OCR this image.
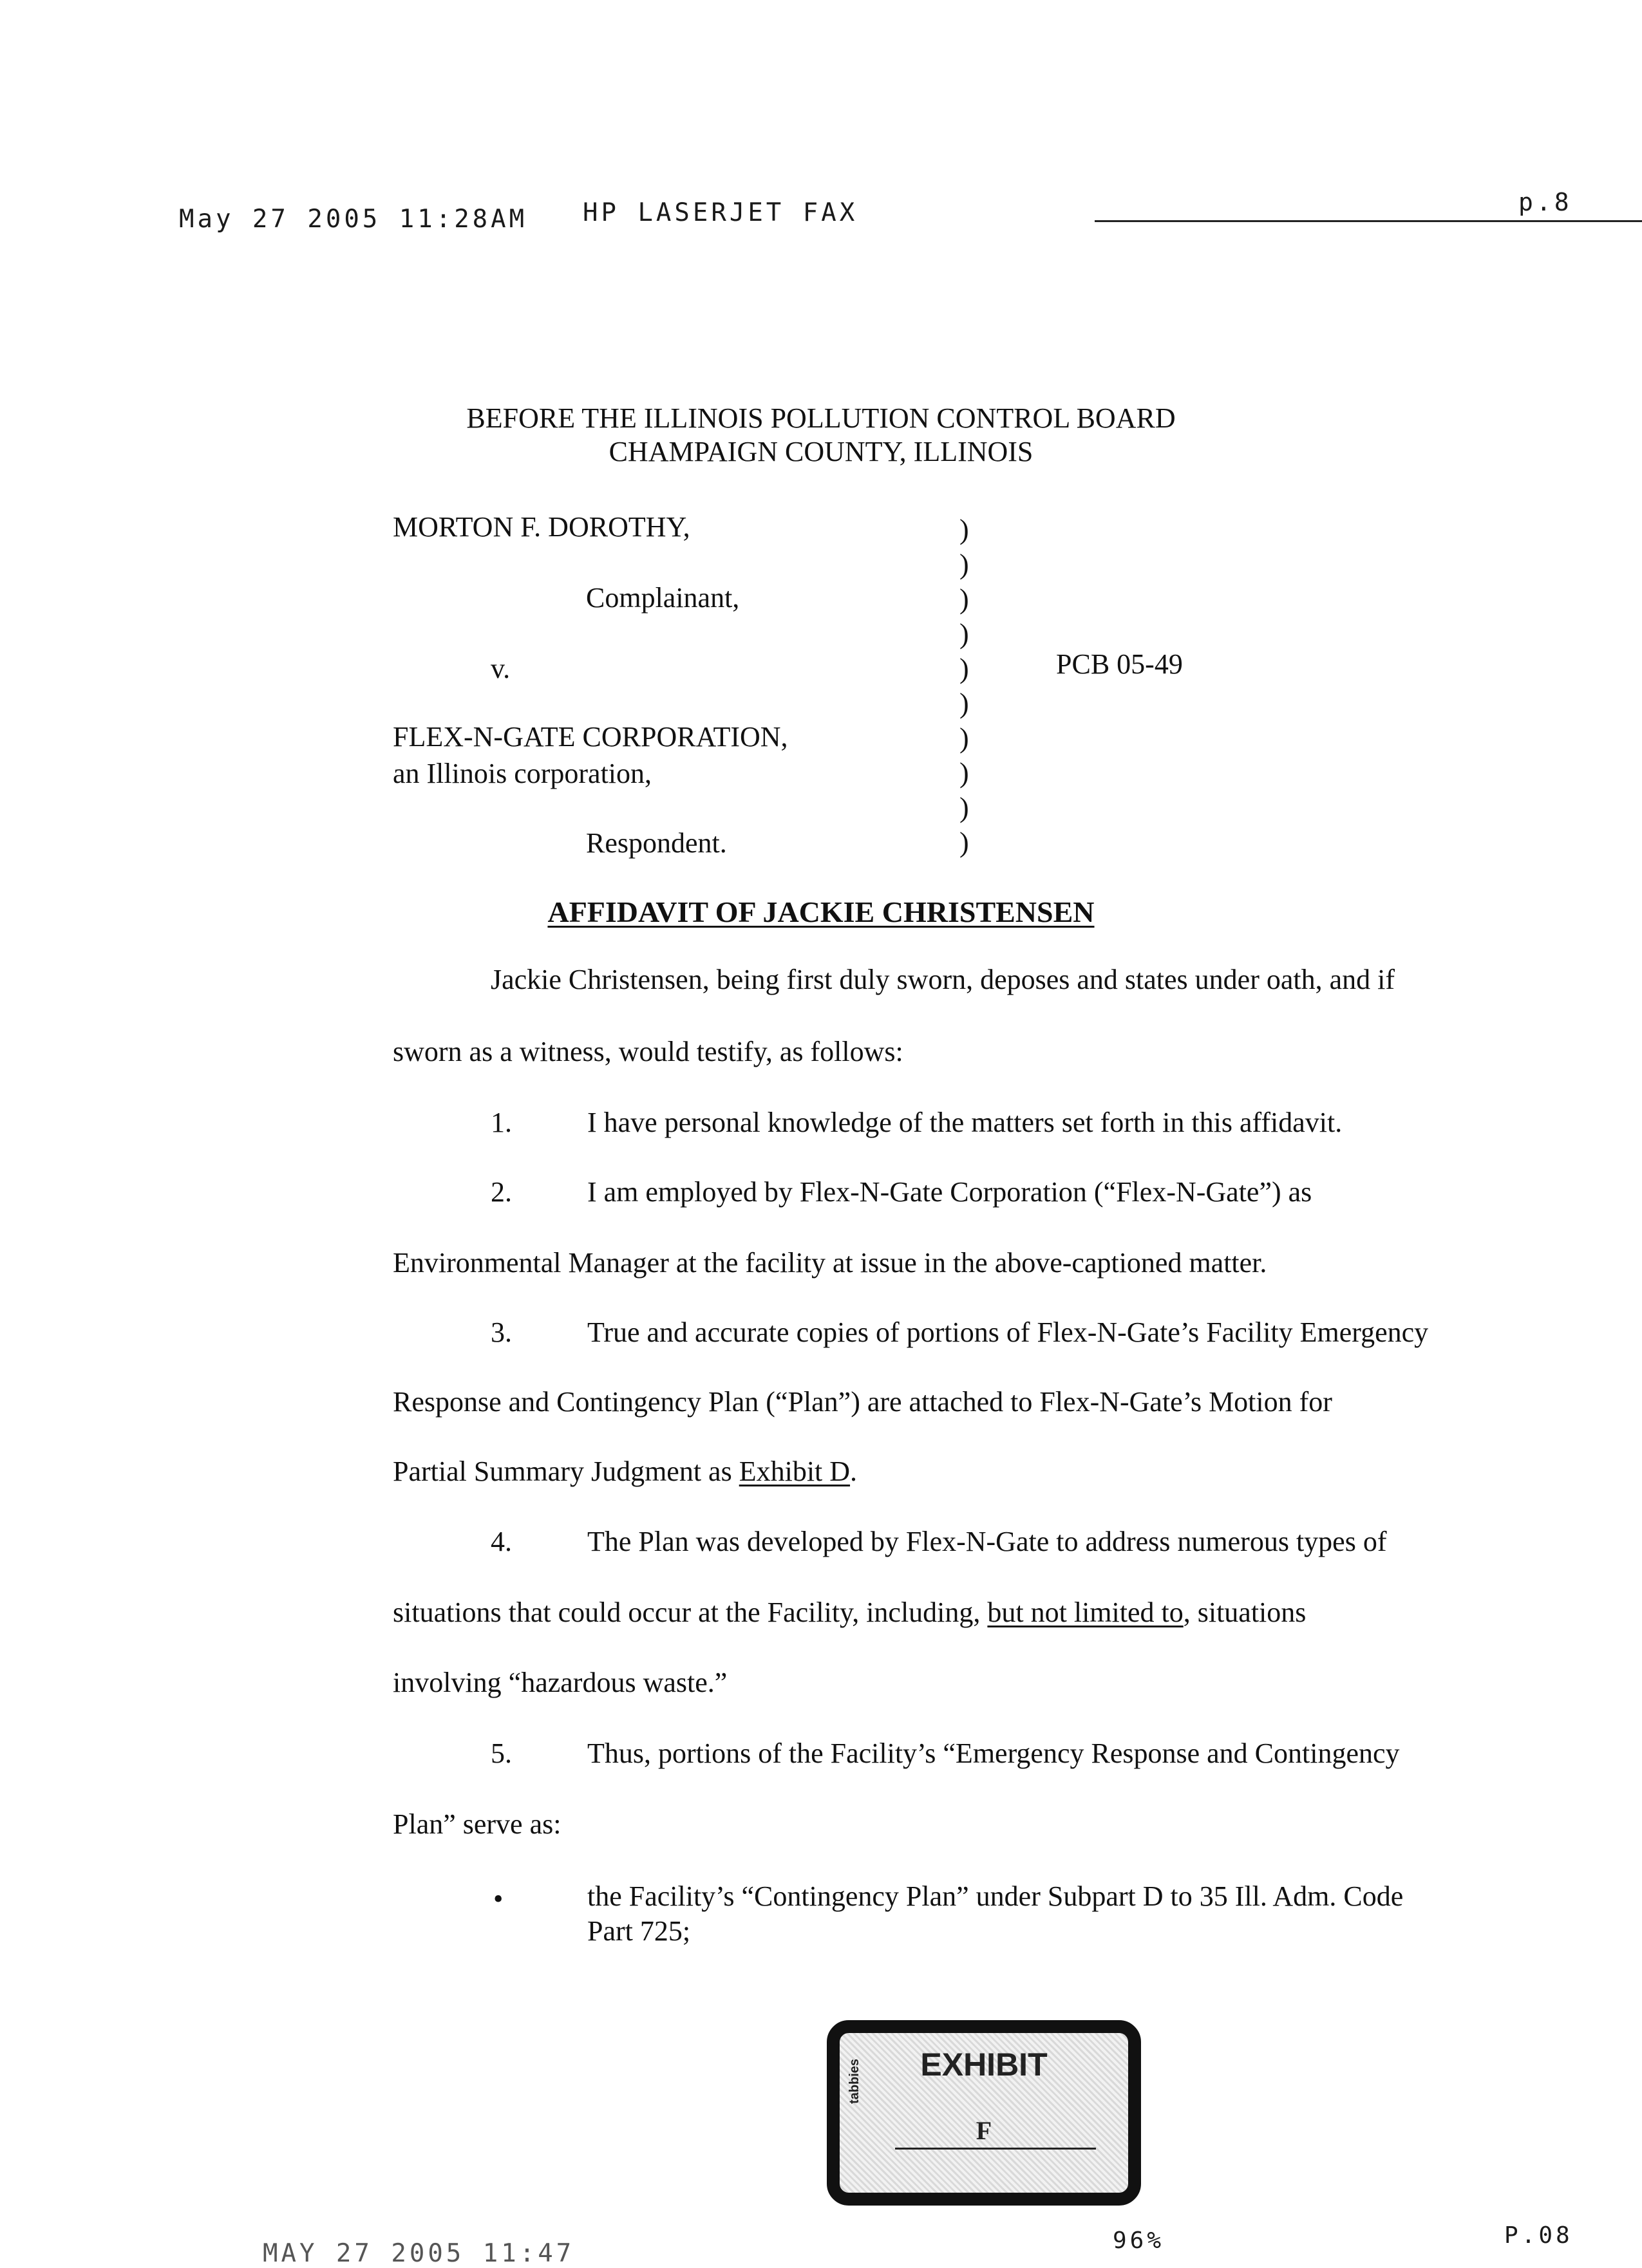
May 27 2005 11:28AM HP LASERJET FAX	p.8
BEFORE THE ILLINOIS POLLUTION CONTROL BOARD
CHAMPAIGN COUNTY, ILLINOIS
MORTON F. DOROTHY,
Complainant,
v.
FLEX-N-GATE CORPORATION,
an Illinois corporation,
Respondent.
)
)
)
)
)
)
)
)
)
)
PCB 05-49
AFFIDAVIT OF JACKIE CHRISTENSEN
Jackie Christensen, being first duly sworn, deposes and states under oath, and if
sworn as a witness, would testify, as follows:
1.	I have personal knowledge of the matters set forth in this affidavit.
2.	I am employed by Flex-N-Gate Corporation (“Flex-N-Gate”) as
Environmental Manager at the facility at issue in the above-captioned matter.
3.	True and accurate copies of portions of Flex-N-Gate’s Facility Emergency
Response and Contingency Plan (“Plan”) are attached to Flex-N-Gate’s Motion for
Partial Summary Judgment as Exhibit D.
4.	The Plan was developed by Flex-N-Gate to address numerous types of
situations that could occur at the Facility, including, but not limited to, situations
involving “hazardous waste.”
5.	Thus, portions of the Facility’s “Emergency Response and Contingency
Plan” serve as:
•	the Facility’s “Contingency Plan” under Subpart D to 35 Ill. Adm. Code
Part 725;
EXHIBIT
tabbies
F
MAY 27 2005 11:47	96%	P.08
